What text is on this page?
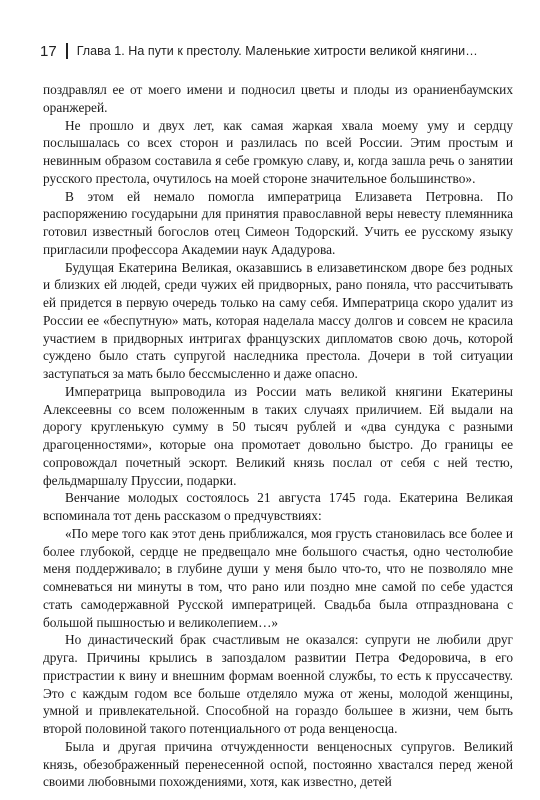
17 Глава 1. На пути к престолу. Маленькие хитрости великой княгини…

поздравлял ее от моего имени и подносил цветы и плоды из ораниенбаумских оранжерей.

Не прошло и двух лет, как самая жаркая хвала моему уму и сердцу послышалась со всех сторон и разлилась по всей России. Этим простым и невинным образом составила я себе громкую славу, и, когда зашла речь о занятии русского престола, очутилось на моей стороне значительное большинство».

В этом ей немало помогла императрица Елизавета Петровна. По распоряжению государыни для принятия православной веры невесту племянника готовил известный богослов отец Симеон Тодорский. Учить ее русскому языку пригласили профессора Академии наук Ададурова.

Будущая Екатерина Великая, оказавшись в елизаветинском дворе без родных и близких ей людей, среди чужих ей придворных, рано поняла, что рассчитывать ей придется в первую очередь только на саму себя. Императрица скоро удалит из России ее «беспутную» мать, которая наделала массу долгов и совсем не красила участием в придворных интригах французских дипломатов свою дочь, которой суждено было стать супругой наследника престола. Дочери в той ситуации заступаться за мать было бессмысленно и даже опасно.

Императрица выпроводила из России мать великой княгини Екатерины Алексеевны со всем положенным в таких случаях приличием. Ей выдали на дорогу кругленькую сумму в 50 тысяч рублей и «два сундука с разными драгоценностями», которые она промотает довольно быстро. До границы ее сопровождал почетный эскорт. Великий князь послал от себя с ней тестю, фельдмаршалу Пруссии, подарки.

Венчание молодых состоялось 21 августа 1745 года. Екатерина Великая вспоминала тот день рассказом о предчувствиях:

«По мере того как этот день приближался, моя грусть становилась все более и более глубокой, сердце не предвещало мне большого счастья, одно честолюбие меня поддерживало; в глубине души у меня было что-то, что не позволяло мне сомневаться ни минуты в том, что рано или поздно мне самой по себе удастся стать самодержавной Русской императрицей. Свадьба была отпразднована с большой пышностью и великолепием…»

Но династический брак счастливым не оказался: супруги не любили друг друга. Причины крылись в запоздалом развитии Петра Федоровича, в его пристрастии к вину и внешним формам военной службы, то есть к пруссачеству. Это с каждым годом все больше отделяло мужа от жены, молодой женщины, умной и привлекательной. Способной на гораздо большее в жизни, чем быть второй половиной такого потенциального от рода венценосца.

Была и другая причина отчужденности венценосных супругов. Великий князь, обезображенный перенесенной оспой, постоянно хвастался перед женой своими любовными похождениями, хотя, как известно, детей
